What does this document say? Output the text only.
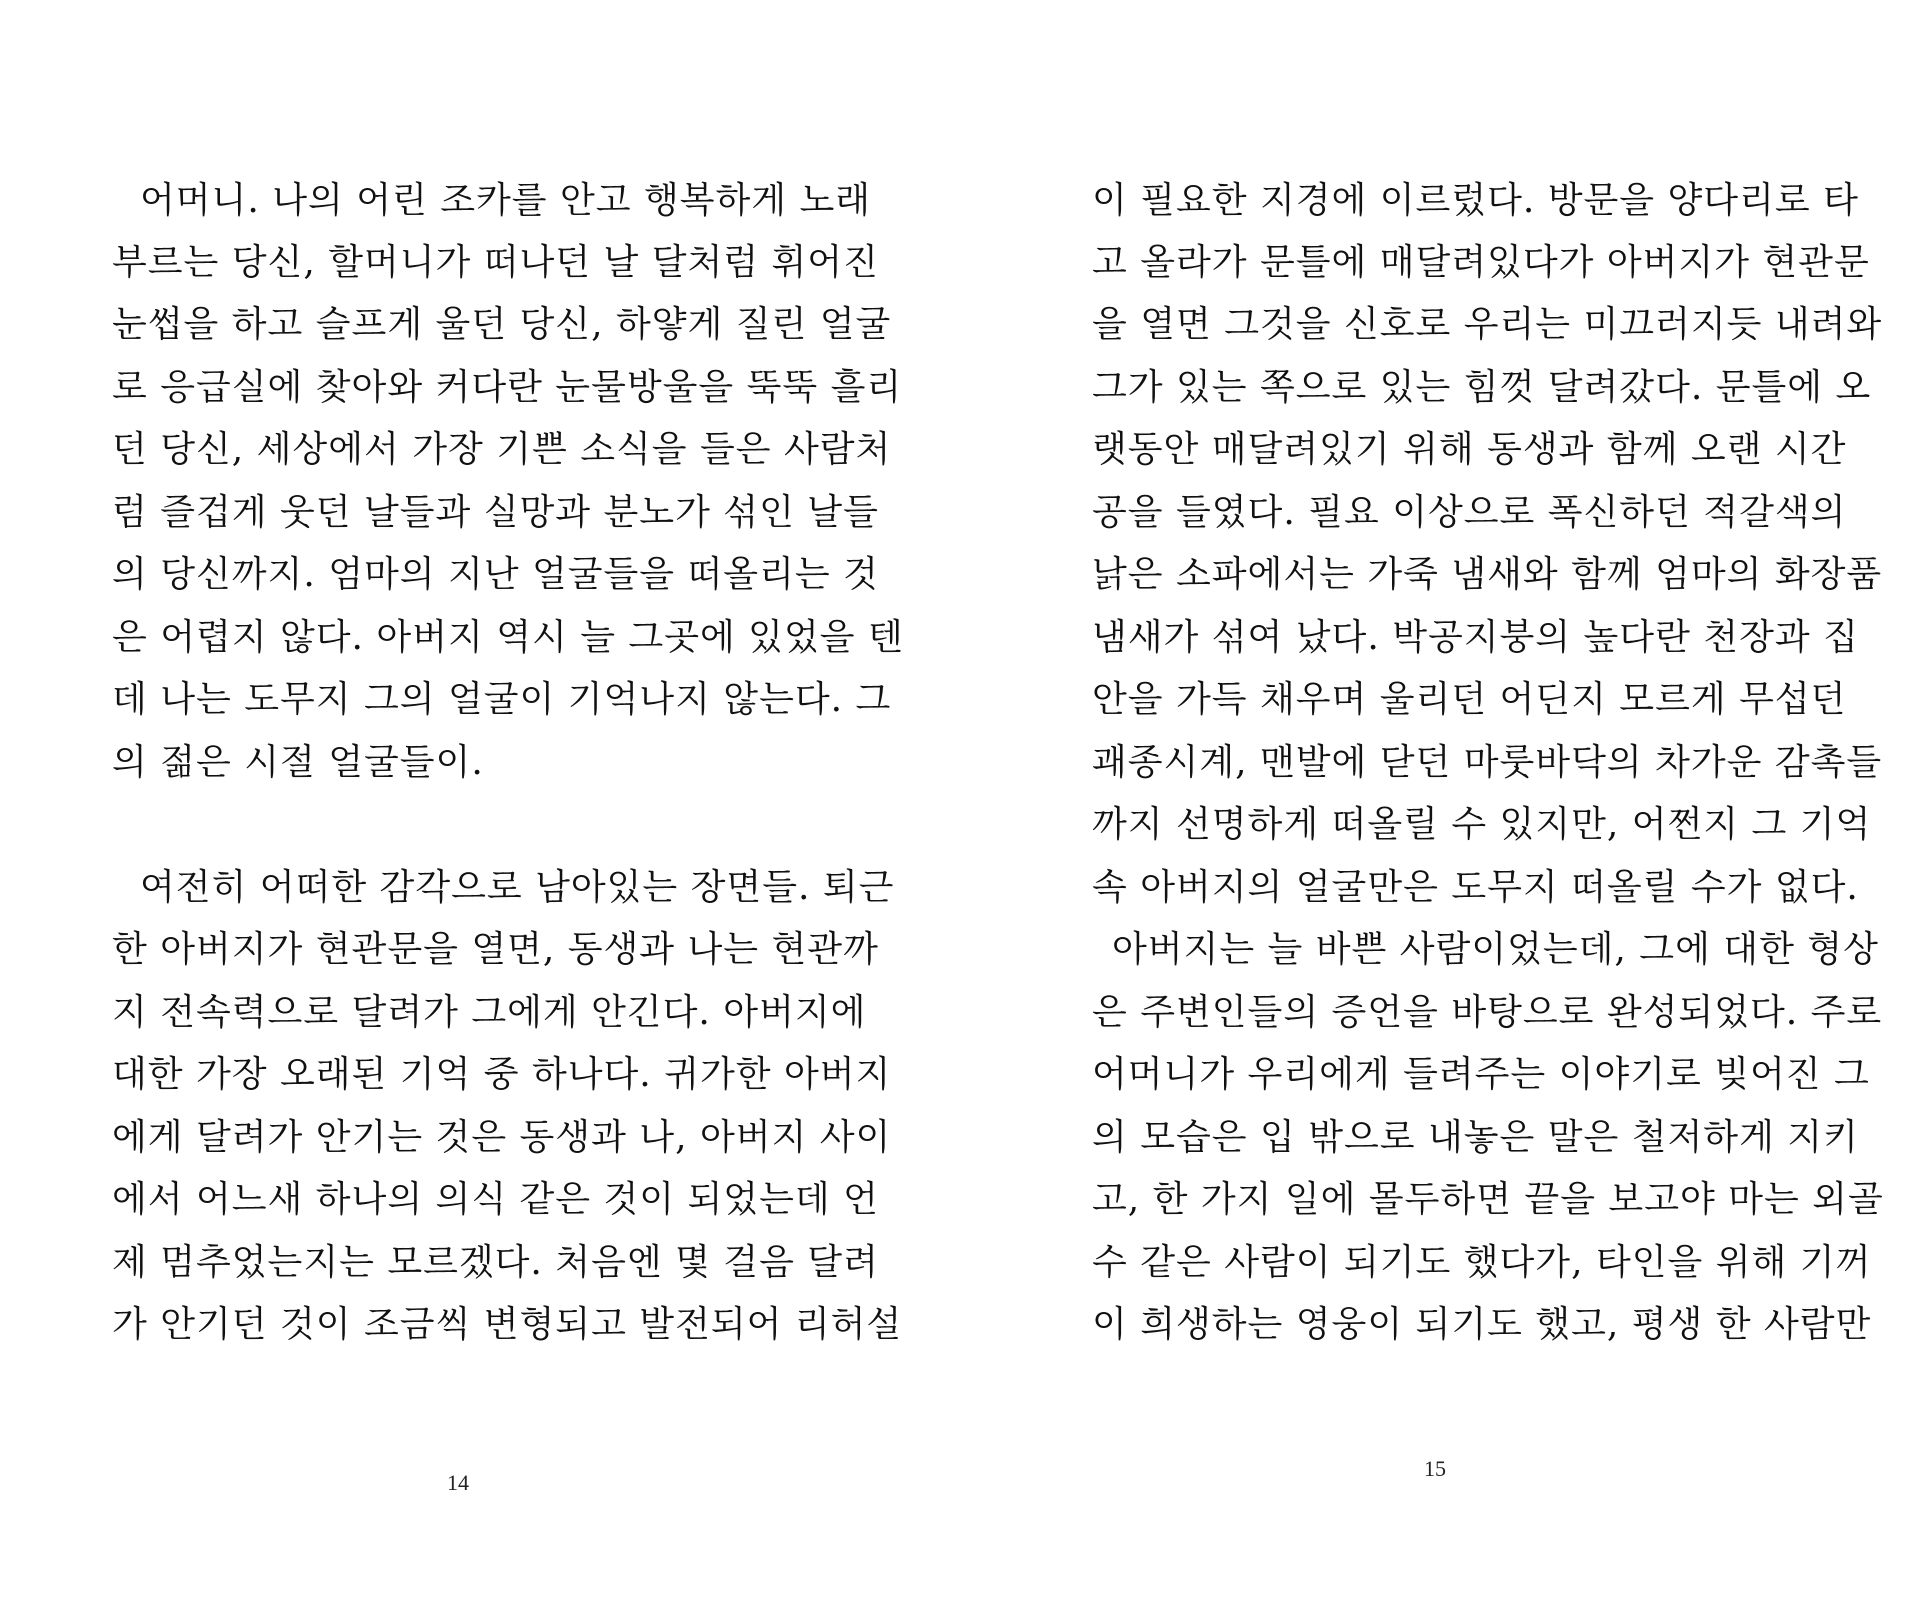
어머니. 나의 어린 조카를 안고 행복하게 노래
부르는 당신, 할머니가 떠나던 날 달처럼 휘어진
눈썹을 하고 슬프게 울던 당신, 하얗게 질린 얼굴
로 응급실에 찾아와 커다란 눈물방울을 뚝뚝 흘리
던 당신, 세상에서 가장 기쁜 소식을 들은 사람처
럼 즐겁게 웃던 날들과 실망과 분노가 섞인 날들
의 당신까지. 엄마의 지난 얼굴들을 떠올리는 것
은 어렵지 않다. 아버지 역시 늘 그곳에 있었을 텐
데 나는 도무지 그의 얼굴이 기억나지 않는다. 그
의 젊은 시절 얼굴들이.
여전히 어떠한 감각으로 남아있는 장면들. 퇴근
한 아버지가 현관문을 열면, 동생과 나는 현관까
지 전속력으로 달려가 그에게 안긴다. 아버지에
대한 가장 오래된 기억 중 하나다. 귀가한 아버지
에게 달려가 안기는 것은 동생과 나, 아버지 사이
에서 어느새 하나의 의식 같은 것이 되었는데 언
제 멈추었는지는 모르겠다. 처음엔 몇 걸음 달려
가 안기던 것이 조금씩 변형되고 발전되어 리허설
14
이 필요한 지경에 이르렀다. 방문을 양다리로 타
고 올라가 문틀에 매달려있다가 아버지가 현관문
을 열면 그것을 신호로 우리는 미끄러지듯 내려와
그가 있는 쪽으로 있는 힘껏 달려갔다. 문틀에 오
랫동안 매달려있기 위해 동생과 함께 오랜 시간
공을 들였다. 필요 이상으로 폭신하던 적갈색의
낡은 소파에서는 가죽 냄새와 함께 엄마의 화장품
냄새가 섞여 났다. 박공지붕의 높다란 천장과 집
안을 가득 채우며 울리던 어딘지 모르게 무섭던
괘종시계, 맨발에 닫던 마룻바닥의 차가운 감촉들
까지 선명하게 떠올릴 수 있지만, 어쩐지 그 기억
속 아버지의 얼굴만은 도무지 떠올릴 수가 없다.
아버지는 늘 바쁜 사람이었는데, 그에 대한 형상
은 주변인들의 증언을 바탕으로 완성되었다. 주로
어머니가 우리에게 들려주는 이야기로 빚어진 그
의 모습은 입 밖으로 내놓은 말은 철저하게 지키
고, 한 가지 일에 몰두하면 끝을 보고야 마는 외골
수 같은 사람이 되기도 했다가, 타인을 위해 기꺼
이 희생하는 영웅이 되기도 했고, 평생 한 사람만
15
